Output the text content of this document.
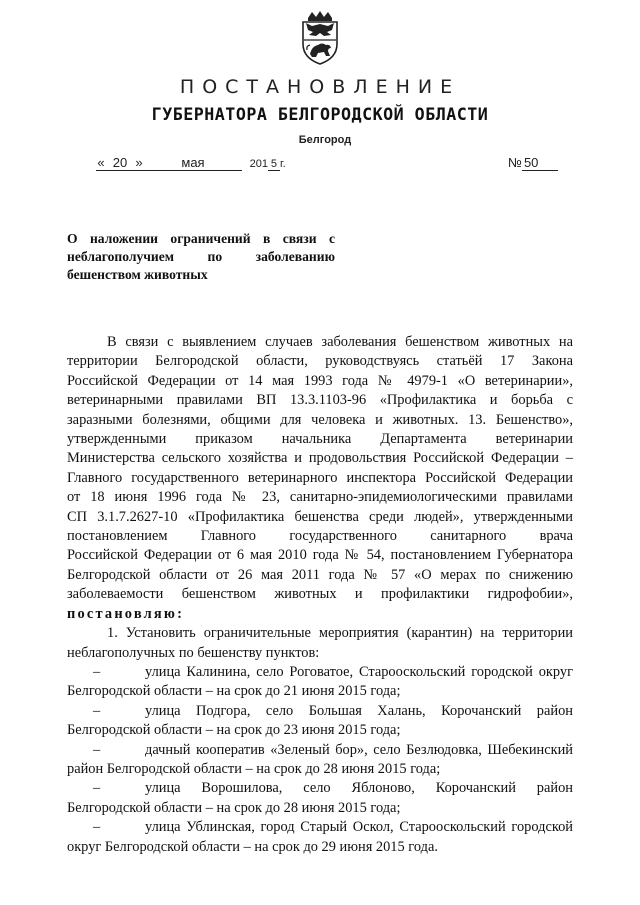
ПОСТАНОВЛЕНИЕ
ГУБЕРНАТОРА БЕЛГОРОДСКОЙ ОБЛАСТИ
Белгород
« 20 »	мая	201 5 г.	№ 50
О наложении ограничений в связи с
неблагополучием по заболеванию
бешенством животных
В связи с выявлением случаев заболевания бешенством животных на
территории Белгородской области, руководствуясь статьёй 17 Закона
Российской Федерации от 14 мая 1993 года № 4979-1 «О ветеринарии»,
ветеринарными правилами ВП 13.3.1103-96 «Профилактика и борьба с
заразными болезнями, общими для человека и животных. 13. Бешенство»,
утвержденными приказом начальника Департамента ветеринарии
Министерства сельского хозяйства и продовольствия Российской Федерации –
Главного государственного ветеринарного инспектора Российской Федерации
от 18 июня 1996 года № 23, санитарно-эпидемиологическими правилами
СП 3.1.7.2627-10 «Профилактика бешенства среди людей», утвержденными
постановлением Главного государственного санитарного врача
Российской Федерации от 6 мая 2010 года № 54, постановлением Губернатора
Белгородской области от 26 мая 2011 года № 57 «О мерах по снижению
заболеваемости бешенством животных и профилактики гидрофобии»,
постановляю:
1. Установить ограничительные мероприятия (карантин) на территории
неблагополучных по бешенству пунктов:
–	улица Калинина, село Роговатое, Старооскольский городской округ
Белгородской области – на срок до 21 июня 2015 года;
–	улица Подгора, село Большая Халань, Корочанский район
Белгородской области – на срок до 23 июня 2015 года;
–	дачный кооператив «Зеленый бор», село Безлюдовка, Шебекинский
район Белгородской области – на срок до 28 июня 2015 года;
–	улица Ворошилова, село Яблоново, Корочанский район
Белгородской области – на срок до 28 июня 2015 года;
–	улица Ублинская, город Старый Оскол, Старооскольский городской
округ Белгородской области – на срок до 29 июня 2015 года.
